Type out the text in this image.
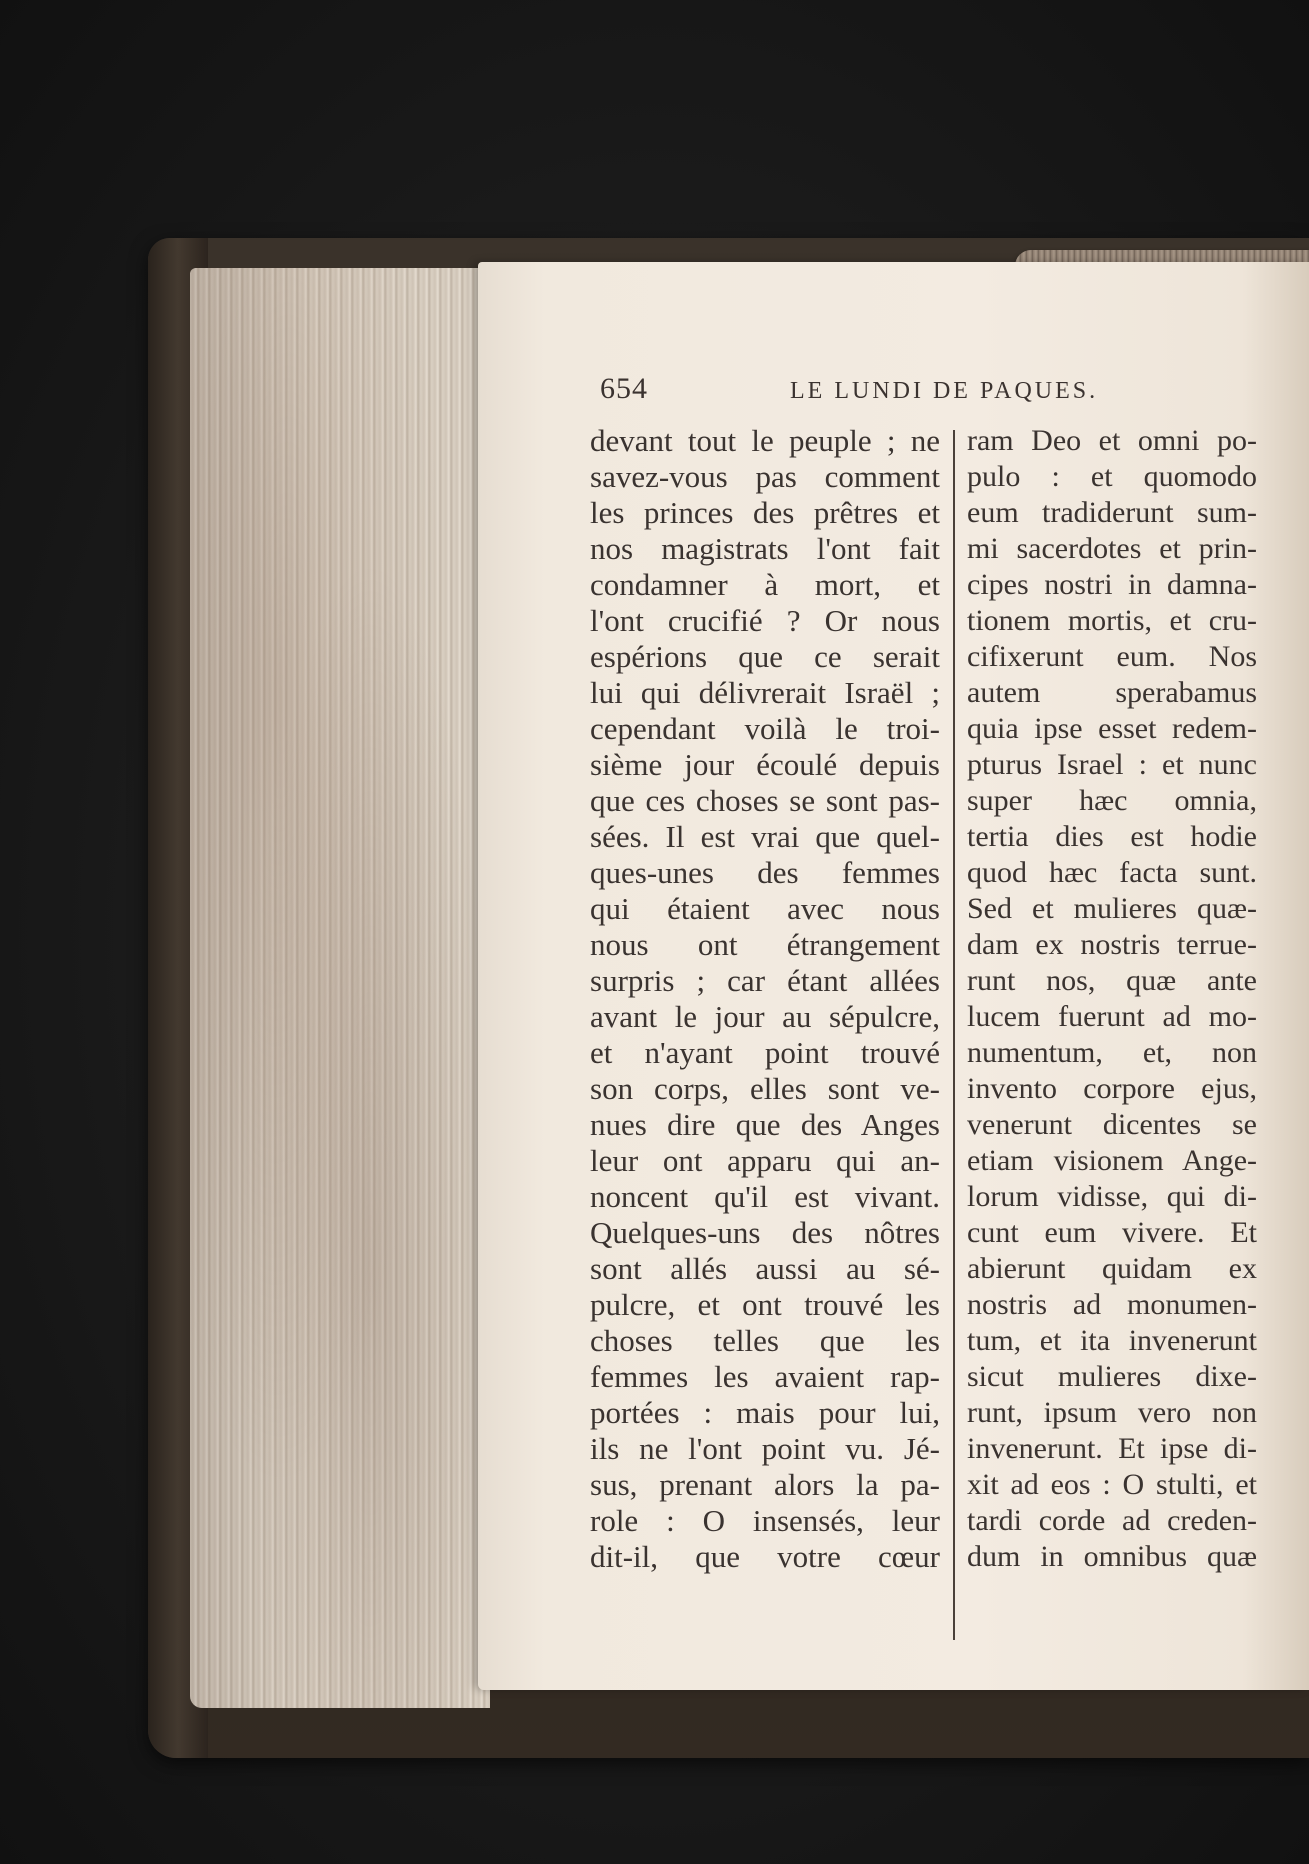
654	LE LUNDI DE PAQUES.
devant tout le peuple ; ne
savez-vous pas comment
les princes des prêtres et
nos magistrats l'ont fait
condamner à mort, et
l'ont crucifié ? Or nous
espérions que ce serait
lui qui délivrerait Israël ;
cependant voilà le troi-
sième jour écoulé depuis
que ces choses se sont pas-
sées. Il est vrai que quel-
ques-unes des femmes
qui étaient avec nous
nous ont étrangement
surpris ; car étant allées
avant le jour au sépulcre,
et n'ayant point trouvé
son corps, elles sont ve-
nues dire que des Anges
leur ont apparu qui an-
noncent qu'il est vivant.
Quelques-uns des nôtres
sont allés aussi au sé-
pulcre, et ont trouvé les
choses telles que les
femmes les avaient rap-
portées : mais pour lui,
ils ne l'ont point vu. Jé-
sus, prenant alors la pa-
role : O insensés, leur
dit-il, que votre cœur
ram Deo et omni po-
pulo : et quomodo
eum tradiderunt sum-
mi sacerdotes et prin-
cipes nostri in damna-
tionem mortis, et cru-
cifixerunt eum. Nos
autem sperabamus
quia ipse esset redem-
pturus Israel : et nunc
super hæc omnia,
tertia dies est hodie
quod hæc facta sunt.
Sed et mulieres quæ-
dam ex nostris terrue-
runt nos, quæ ante
lucem fuerunt ad mo-
numentum, et, non
invento corpore ejus,
venerunt dicentes se
etiam visionem Ange-
lorum vidisse, qui di-
cunt eum vivere. Et
abierunt quidam ex
nostris ad monumen-
tum, et ita invenerunt
sicut mulieres dixe-
runt, ipsum vero non
invenerunt. Et ipse di-
xit ad eos : O stulti, et
tardi corde ad creden-
dum in omnibus quæ
